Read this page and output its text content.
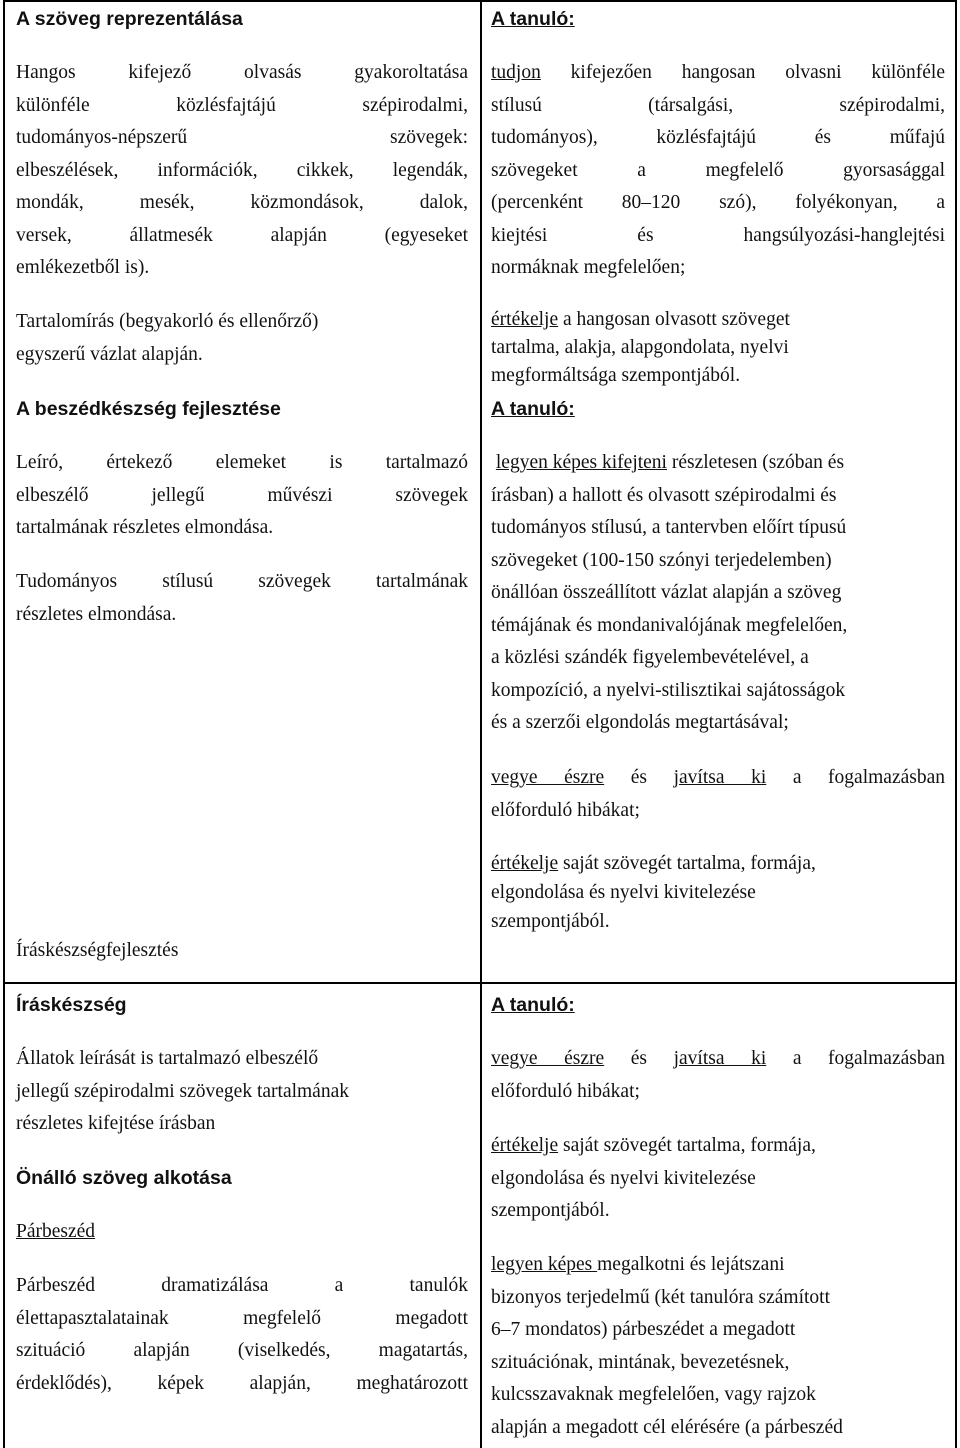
A szöveg reprezentálása
Hangos kifejező olvasás gyakoroltatása
különféle közlésfajtájú szépirodalmi,
tudományos-népszerű szövegek:
elbeszélések, információk, cikkek, legendák,
mondák, mesék, közmondások, dalok,
versek, állatmesék alapján (egyeseket
emlékezetből is).
Tartalomírás (begyakorló és ellenőrző)
egyszerű vázlat alapján.
A beszédkészség fejlesztése
Leíró, értekező elemeket is tartalmazó
elbeszélő jellegű művészi szövegek
tartalmának részletes elmondása.
Tudományos stílusú szövegek tartalmának
részletes elmondása.
Íráskészségfejlesztés
Íráskészség
Állatok leírását is tartalmazó elbeszélő
jellegű szépirodalmi szövegek tartalmának
részletes kifejtése írásban
Önálló szöveg alkotása
Párbeszéd
Párbeszéd dramatizálása a tanulók
élettapasztalatainak megfelelő megadott
szituáció alapján (viselkedés, magatartás,
érdeklődés), képek alapján, meghatározott
A tanuló:
tudjon kifejezően hangosan olvasni különféle
stílusú (társalgási, szépirodalmi,
tudományos), közlésfajtájú és műfajú
szövegeket a megfelelő gyorsasággal
(percenként 80–120 szó), folyékonyan, a
kiejtési és hangsúlyozási-hanglejtési
normáknak megfelelően;
értékelje a hangosan olvasott szöveget
tartalma, alakja, alapgondolata, nyelvi
megformáltsága szempontjából.
A tanuló:
legyen képes kifejteni részletesen (szóban és
írásban) a hallott és olvasott szépirodalmi és
tudományos stílusú, a tantervben előírt típusú
szövegeket (100-150 szónyi terjedelemben)
önállóan összeállított vázlat alapján a szöveg
témájának és mondanivalójának megfelelően,
a közlési szándék figyelembevételével, a
kompozíció, a nyelvi-stilisztikai sajátosságok
és a szerzői elgondolás megtartásával;
vegye észre és javítsa ki a fogalmazásban
előforduló hibákat;
értékelje saját szövegét tartalma, formája,
elgondolása és nyelvi kivitelezése
szempontjából.
A tanuló:
vegye észre és javítsa ki a fogalmazásban
előforduló hibákat;
értékelje saját szövegét tartalma, formája,
elgondolása és nyelvi kivitelezése
szempontjából.
legyen képes megalkotni és lejátszani
bizonyos terjedelmű (két tanulóra számított
6–7 mondatos) párbeszédet a megadott
szituációnak, mintának, bevezetésnek,
kulcsszavaknak megfelelően, vagy rajzok
alapján a megadott cél elérésére (a párbeszéd
